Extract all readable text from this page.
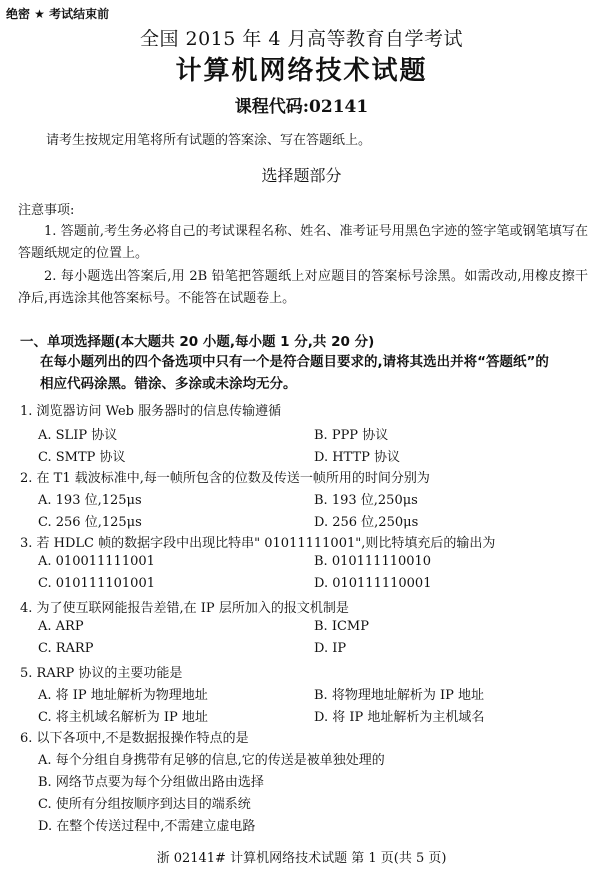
绝密 ★ 考试结束前
全国 2015 年 4 月高等教育自学考试
计算机网络技术试题
课程代码:02141
请考生按规定用笔将所有试题的答案涂、写在答题纸上。
选择题部分
注意事项:
1. 答题前,考生务必将自己的考试课程名称、姓名、准考证号用黑色字迹的签字笔或钢笔填写在答题纸规定的位置上。
2. 每小题选出答案后,用 2B 铅笔把答题纸上对应题目的答案标号涂黑。如需改动,用橡皮擦干净后,再选涂其他答案标号。不能答在试题卷上。
一、单项选择题(本大题共 20 小题,每小题 1 分,共 20 分)
在每小题列出的四个备选项中只有一个是符合题目要求的,请将其选出并将“答题纸”的相应代码涂黑。错涂、多涂或未涂均无分。
1. 浏览器访问 Web 服务器时的信息传输遵循
A. SLIP 协议	B. PPP 协议
C. SMTP 协议	D. HTTP 协议
2. 在 T1 载波标准中,每一帧所包含的位数及传送一帧所用的时间分别为
A. 193 位,125μs	B. 193 位,250μs
C. 256 位,125μs	D. 256 位,250μs
3. 若 HDLC 帧的数据字段中出现比特串" 01011111001",则比特填充后的输出为
A. 010011111001	B. 010111110010
C. 010111101001	D. 010111110001
4. 为了使互联网能报告差错,在 IP 层所加入的报文机制是
A. ARP	B. ICMP
C. RARP	D. IP
5. RARP 协议的主要功能是
A. 将 IP 地址解析为物理地址	B. 将物理地址解析为 IP 地址
C. 将主机域名解析为 IP 地址	D. 将 IP 地址解析为主机域名
6. 以下各项中,不是数据报操作特点的是
A. 每个分组自身携带有足够的信息,它的传送是被单独处理的
B. 网络节点要为每个分组做出路由选择
C. 使所有分组按顺序到达目的端系统
D. 在整个传送过程中,不需建立虚电路
浙 02141# 计算机网络技术试题 第 1 页(共 5 页)
